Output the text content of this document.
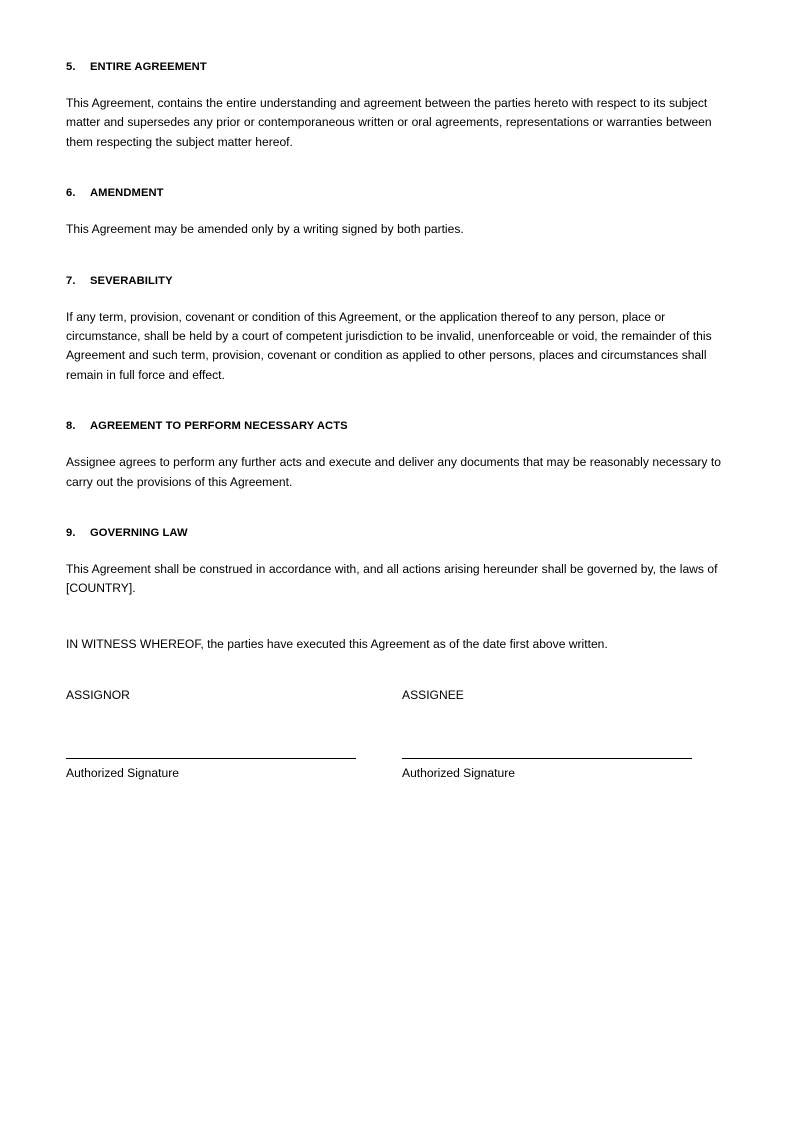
5. ENTIRE AGREEMENT

This Agreement, contains the entire understanding and agreement between the parties hereto with respect to its subject matter and supersedes any prior or contemporaneous written or oral agreements, representations or warranties between them respecting the subject matter hereof.

6. AMENDMENT

This Agreement may be amended only by a writing signed by both parties.

7. SEVERABILITY

If any term, provision, covenant or condition of this Agreement, or the application thereof to any person, place or circumstance, shall be held by a court of competent jurisdiction to be invalid, unenforceable or void, the remainder of this Agreement and such term, provision, covenant or condition as applied to other persons, places and circumstances shall remain in full force and effect.

8. AGREEMENT TO PERFORM NECESSARY ACTS

Assignee agrees to perform any further acts and execute and deliver any documents that may be reasonably necessary to carry out the provisions of this Agreement.

9. GOVERNING LAW

This Agreement shall be construed in accordance with, and all actions arising hereunder shall be governed by, the laws of [COUNTRY].

IN WITNESS WHEREOF, the parties have executed this Agreement as of the date first above written.

ASSIGNOR

Authorized Signature

ASSIGNEE

Authorized Signature
